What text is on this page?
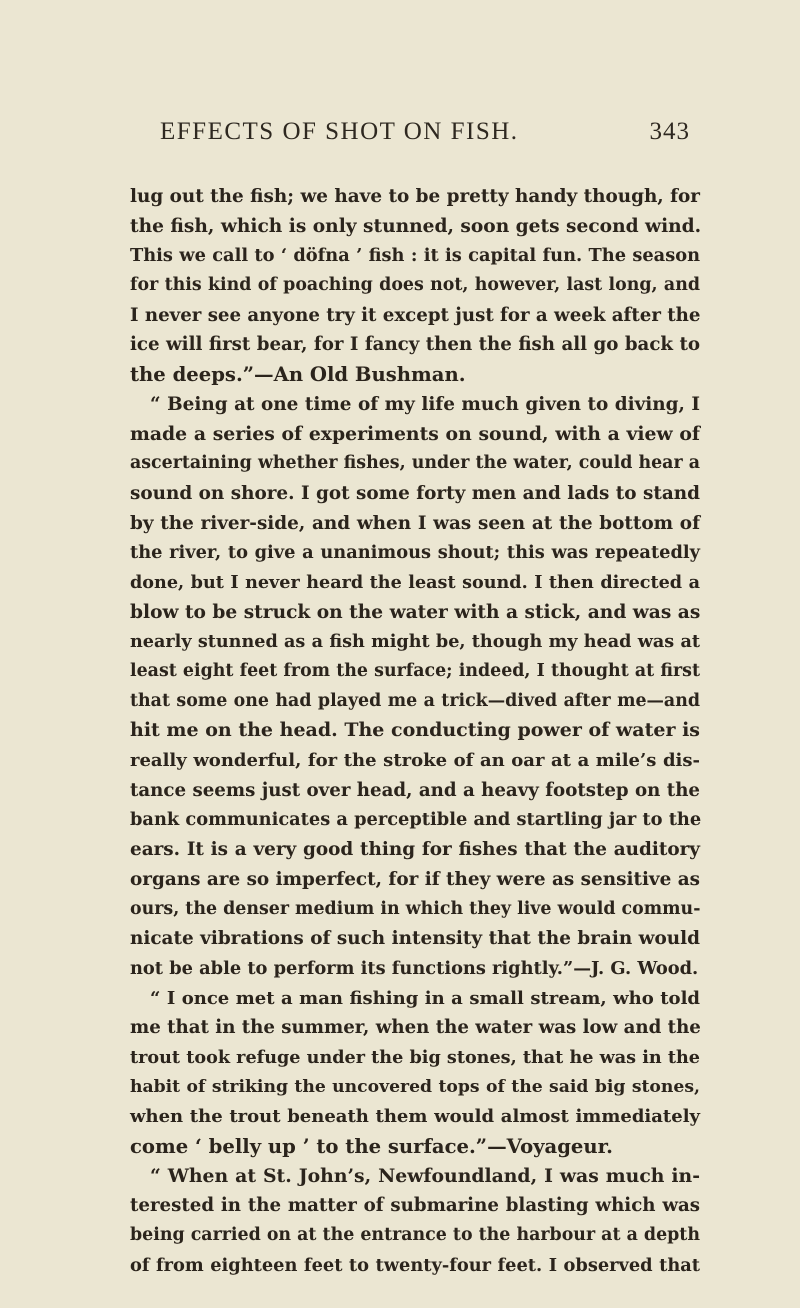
EFFECTS OF SHOT ON FISH.	343
lug out the fish; we have to be pretty handy though, for
the fish, which is only stunned, soon gets second wind.
This we call to ‘ döfna ’ fish : it is capital fun. The season
for this kind of poaching does not, however, last long, and
I never see anyone try it except just for a week after the
ice will first bear, for I fancy then the fish all go back to
the deeps.”—An Old Bushman.
“ Being at one time of my life much given to diving, I
made a series of experiments on sound, with a view of
ascertaining whether fishes, under the water, could hear a
sound on shore. I got some forty men and lads to stand
by the river-side, and when I was seen at the bottom of
the river, to give a unanimous shout; this was repeatedly
done, but I never heard the least sound. I then directed a
blow to be struck on the water with a stick, and was as
nearly stunned as a fish might be, though my head was at
least eight feet from the surface; indeed, I thought at first
that some one had played me a trick—dived after me—and
hit me on the head. The conducting power of water is
really wonderful, for the stroke of an oar at a mile’s dis-
tance seems just over head, and a heavy footstep on the
bank communicates a perceptible and startling jar to the
ears. It is a very good thing for fishes that the auditory
organs are so imperfect, for if they were as sensitive as
ours, the denser medium in which they live would commu-
nicate vibrations of such intensity that the brain would
not be able to perform its functions rightly.”—J. G. Wood.
“ I once met a man fishing in a small stream, who told
me that in the summer, when the water was low and the
trout took refuge under the big stones, that he was in the
habit of striking the uncovered tops of the said big stones,
when the trout beneath them would almost immediately
come ‘ belly up ’ to the surface.”—Voyageur.
“ When at St. John’s, Newfoundland, I was much in-
terested in the matter of submarine blasting which was
being carried on at the entrance to the harbour at a depth
of from eighteen feet to twenty-four feet. I observed that
